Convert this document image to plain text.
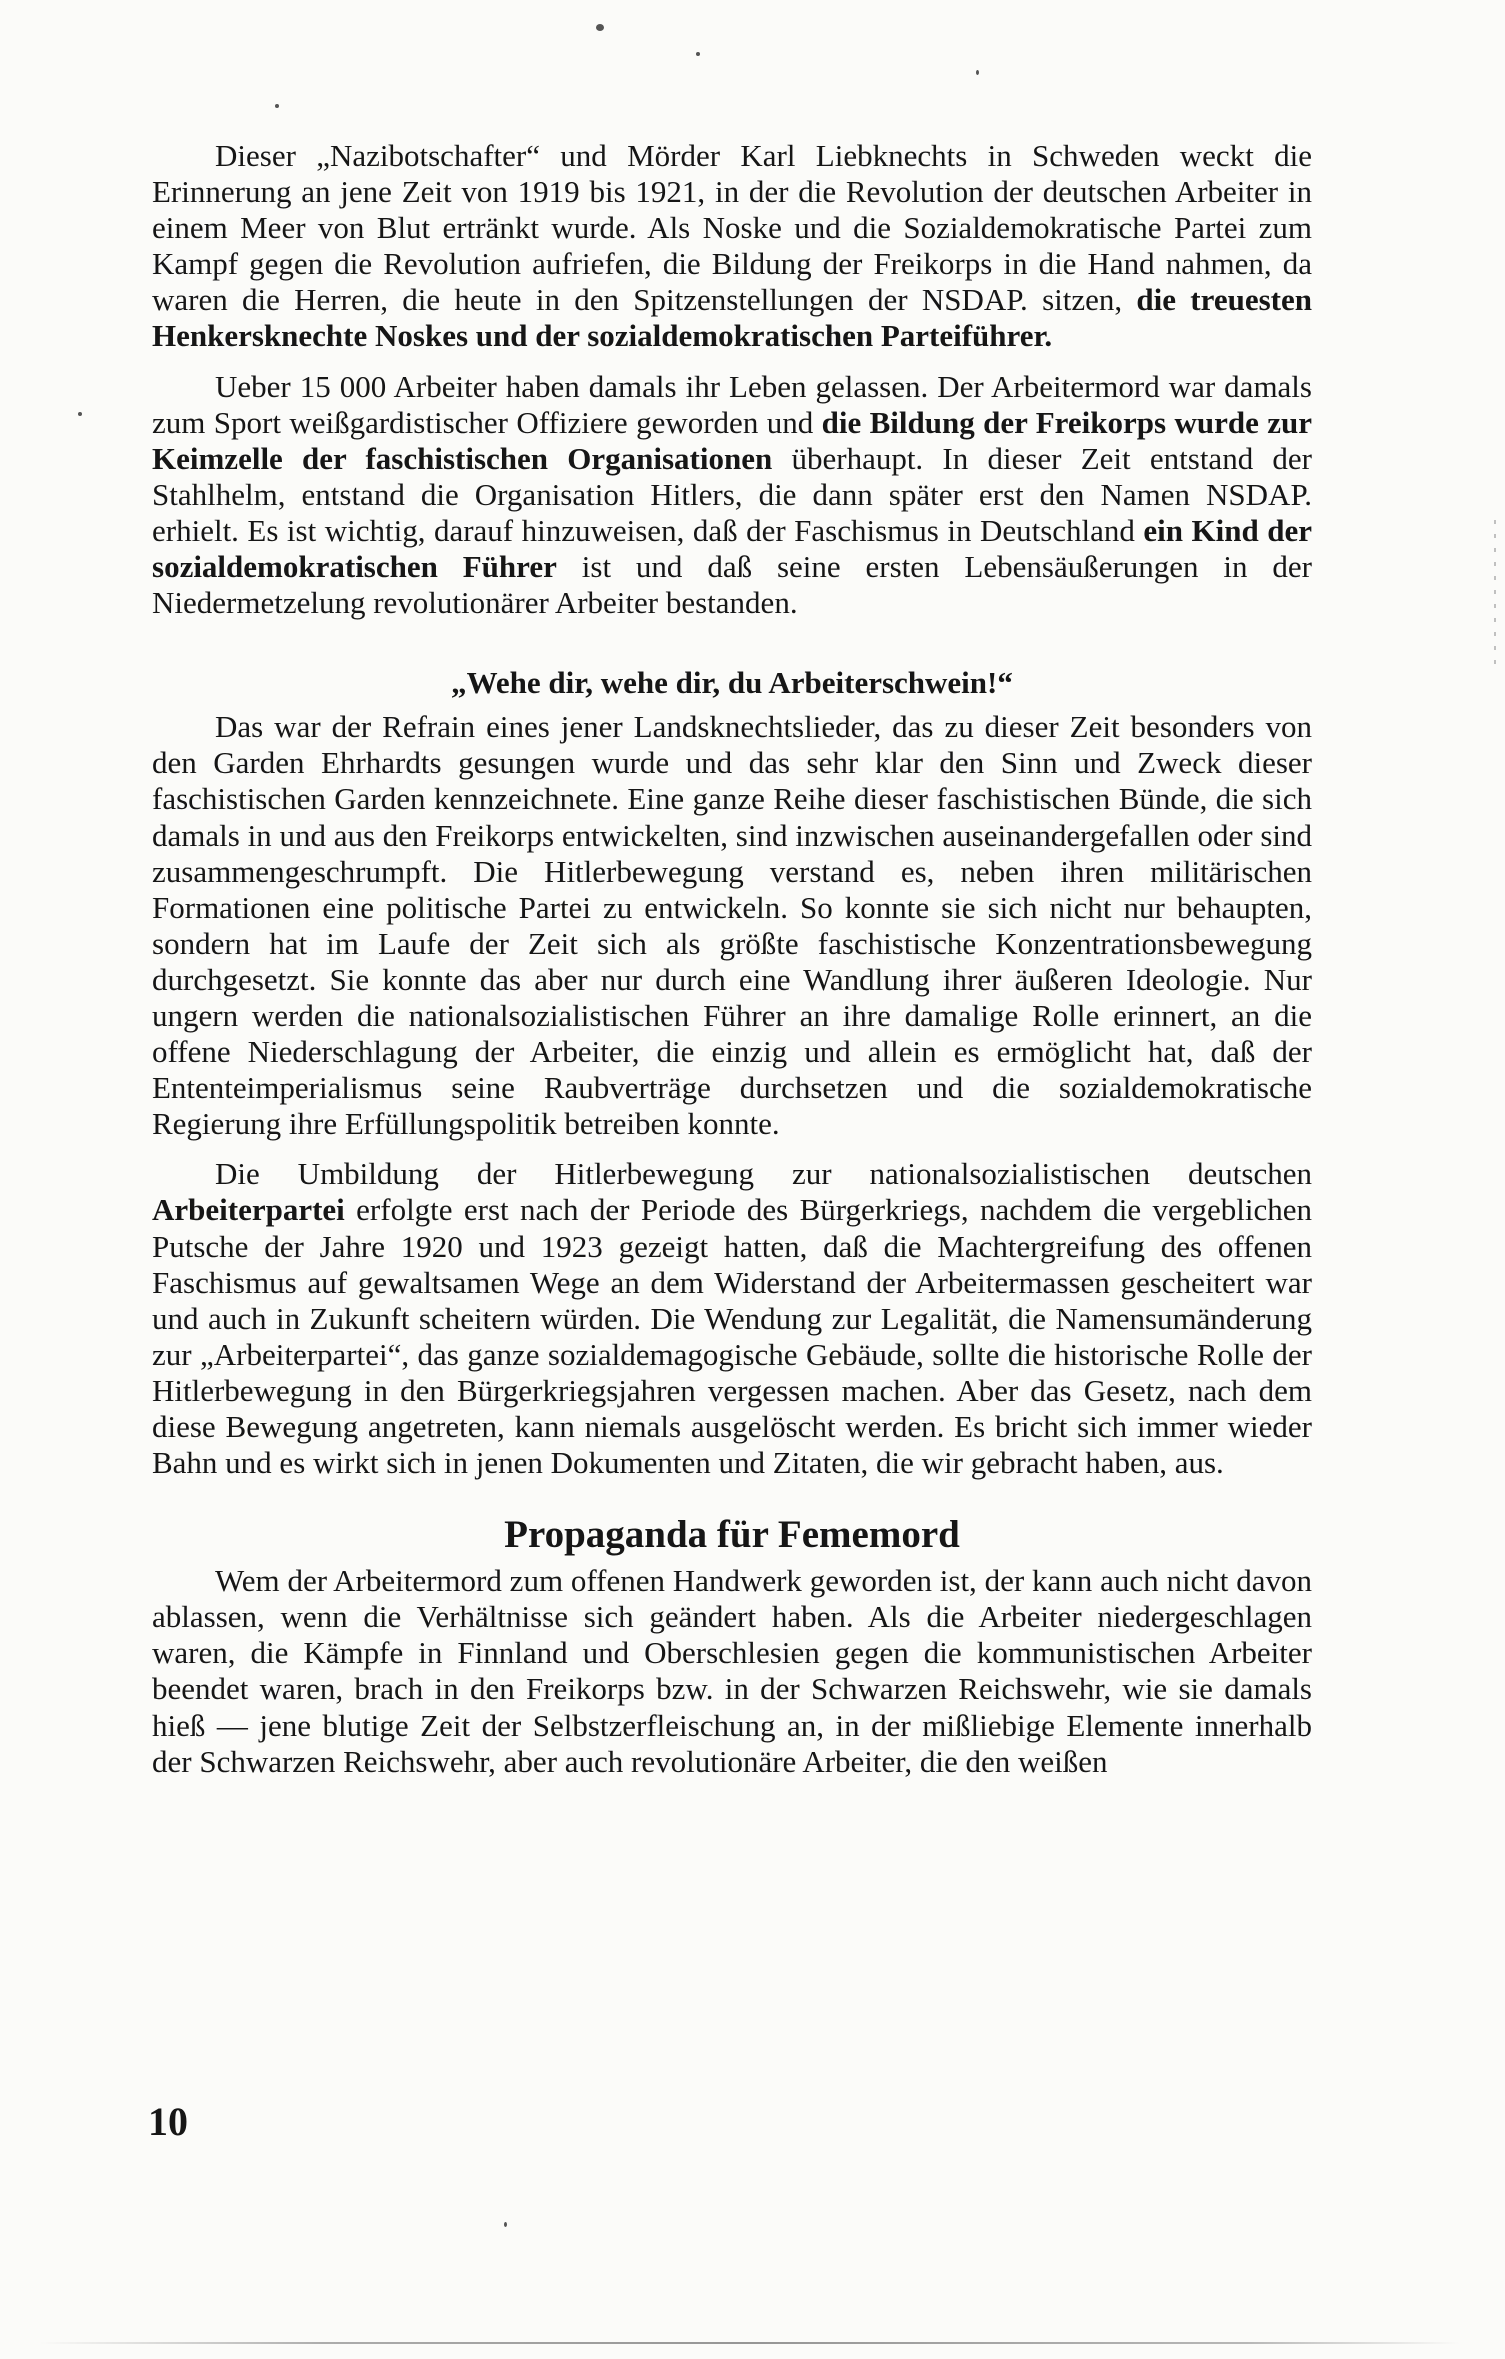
Dieser „Nazibotschafter“ und Mörder Karl Liebknechts in Schweden weckt die Erinnerung an jene Zeit von 1919 bis 1921, in der die Revolution der deutschen Arbeiter in einem Meer von Blut ertränkt wurde. Als Noske und die Sozialdemokratische Partei zum Kampf gegen die Revolution aufriefen, die Bildung der Freikorps in die Hand nahmen, da waren die Herren, die heute in den Spitzenstellungen der NSDAP. sitzen, die treuesten Henkersknechte Noskes und der sozialdemokratischen Parteiführer.

Ueber 15 000 Arbeiter haben damals ihr Leben gelassen. Der Arbeitermord war damals zum Sport weißgardistischer Offiziere geworden und die Bildung der Freikorps wurde zur Keimzelle der faschistischen Organisationen überhaupt. In dieser Zeit entstand der Stahlhelm, entstand die Organisation Hitlers, die dann später erst den Namen NSDAP. erhielt. Es ist wichtig, darauf hinzuweisen, daß der Faschismus in Deutschland ein Kind der sozialdemokratischen Führer ist und daß seine ersten Lebensäußerungen in der Niedermetzelung revolutionärer Arbeiter bestanden.

„Wehe dir, wehe dir, du Arbeiterschwein!“

Das war der Refrain eines jener Landsknechtslieder, das zu dieser Zeit besonders von den Garden Ehrhardts gesungen wurde und das sehr klar den Sinn und Zweck dieser faschistischen Garden kennzeichnete. Eine ganze Reihe dieser faschistischen Bünde, die sich damals in und aus den Freikorps entwickelten, sind inzwischen auseinandergefallen oder sind zusammengeschrumpft. Die Hitlerbewegung verstand es, neben ihren militärischen Formationen eine politische Partei zu entwickeln. So konnte sie sich nicht nur behaupten, sondern hat im Laufe der Zeit sich als größte faschistische Konzentrationsbewegung durchgesetzt. Sie konnte das aber nur durch eine Wandlung ihrer äußeren Ideologie. Nur ungern werden die nationalsozialistischen Führer an ihre damalige Rolle erinnert, an die offene Niederschlagung der Arbeiter, die einzig und allein es ermöglicht hat, daß der Ententeimperialismus seine Raubverträge durchsetzen und die sozialdemokratische Regierung ihre Erfüllungspolitik betreiben konnte.

Die Umbildung der Hitlerbewegung zur nationalsozialistischen deutschen Arbeiterpartei erfolgte erst nach der Periode des Bürgerkriegs, nachdem die vergeblichen Putsche der Jahre 1920 und 1923 gezeigt hatten, daß die Machtergreifung des offenen Faschismus auf gewaltsamen Wege an dem Widerstand der Arbeitermassen gescheitert war und auch in Zukunft scheitern würden. Die Wendung zur Legalität, die Namensumänderung zur „Arbeiterpartei“, das ganze sozialdemagogische Gebäude, sollte die historische Rolle der Hitlerbewegung in den Bürgerkriegsjahren vergessen machen. Aber das Gesetz, nach dem diese Bewegung angetreten, kann niemals ausgelöscht werden. Es bricht sich immer wieder Bahn und es wirkt sich in jenen Dokumenten und Zitaten, die wir gebracht haben, aus.

Propaganda für Fememord

Wem der Arbeitermord zum offenen Handwerk geworden ist, der kann auch nicht davon ablassen, wenn die Verhältnisse sich geändert haben. Als die Arbeiter niedergeschlagen waren, die Kämpfe in Finnland und Oberschlesien gegen die kommunistischen Arbeiter beendet waren, brach in den Freikorps bzw. in der Schwarzen Reichswehr, wie sie damals hieß — jene blutige Zeit der Selbstzerfleischung an, in der mißliebige Elemente innerhalb der Schwarzen Reichswehr, aber auch revolutionäre Arbeiter, die den weißen

10
